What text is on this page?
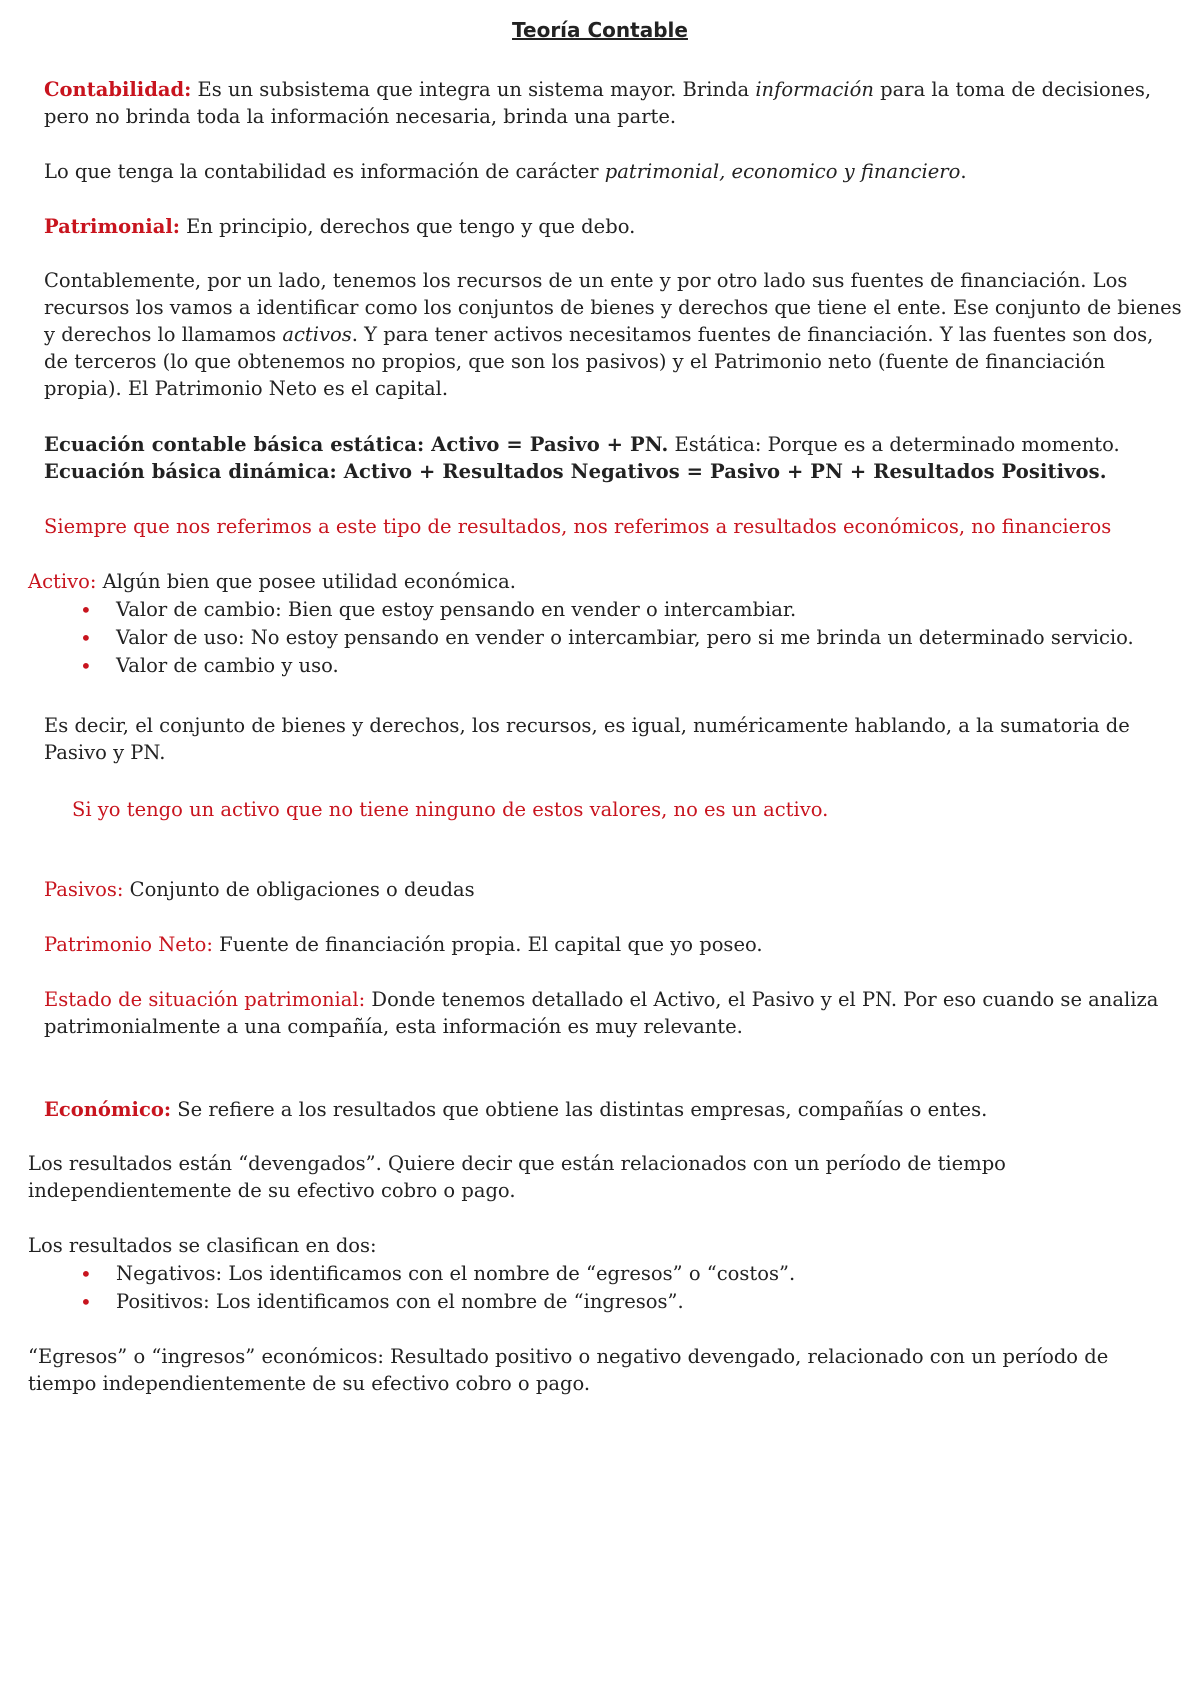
Teoría Contable
Contabilidad: Es un subsistema que integra un sistema mayor. Brinda información para la toma de decisiones,
pero no brinda toda la información necesaria, brinda una parte.
Lo que tenga la contabilidad es información de carácter patrimonial, economico y financiero.
Patrimonial: En principio, derechos que tengo y que debo.
Contablemente, por un lado, tenemos los recursos de un ente y por otro lado sus fuentes de financiación. Los
recursos los vamos a identificar como los conjuntos de bienes y derechos que tiene el ente. Ese conjunto de bienes
y derechos lo llamamos activos. Y para tener activos necesitamos fuentes de financiación. Y las fuentes son dos,
de terceros (lo que obtenemos no propios, que son los pasivos) y el Patrimonio neto (fuente de financiación
propia). El Patrimonio Neto es el capital.
Ecuación contable básica estática: Activo = Pasivo + PN. Estática: Porque es a determinado momento.
Ecuación básica dinámica: Activo + Resultados Negativos = Pasivo + PN + Resultados Positivos.
Siempre que nos referimos a este tipo de resultados, nos referimos a resultados económicos, no financieros
Activo: Algún bien que posee utilidad económica.
• Valor de cambio: Bien que estoy pensando en vender o intercambiar.
• Valor de uso: No estoy pensando en vender o intercambiar, pero si me brinda un determinado servicio.
• Valor de cambio y uso.
Es decir, el conjunto de bienes y derechos, los recursos, es igual, numéricamente hablando, a la sumatoria de
Pasivo y PN.
Si yo tengo un activo que no tiene ninguno de estos valores, no es un activo.
Pasivos: Conjunto de obligaciones o deudas
Patrimonio Neto: Fuente de financiación propia. El capital que yo poseo.
Estado de situación patrimonial: Donde tenemos detallado el Activo, el Pasivo y el PN. Por eso cuando se analiza
patrimonialmente a una compañía, esta información es muy relevante.
Económico: Se refiere a los resultados que obtiene las distintas empresas, compañías o entes.
Los resultados están “devengados”. Quiere decir que están relacionados con un período de tiempo
independientemente de su efectivo cobro o pago.
Los resultados se clasifican en dos:
• Negativos: Los identificamos con el nombre de “egresos” o “costos”.
• Positivos: Los identificamos con el nombre de “ingresos”.
“Egresos” o “ingresos” económicos: Resultado positivo o negativo devengado, relacionado con un período de
tiempo independientemente de su efectivo cobro o pago.
